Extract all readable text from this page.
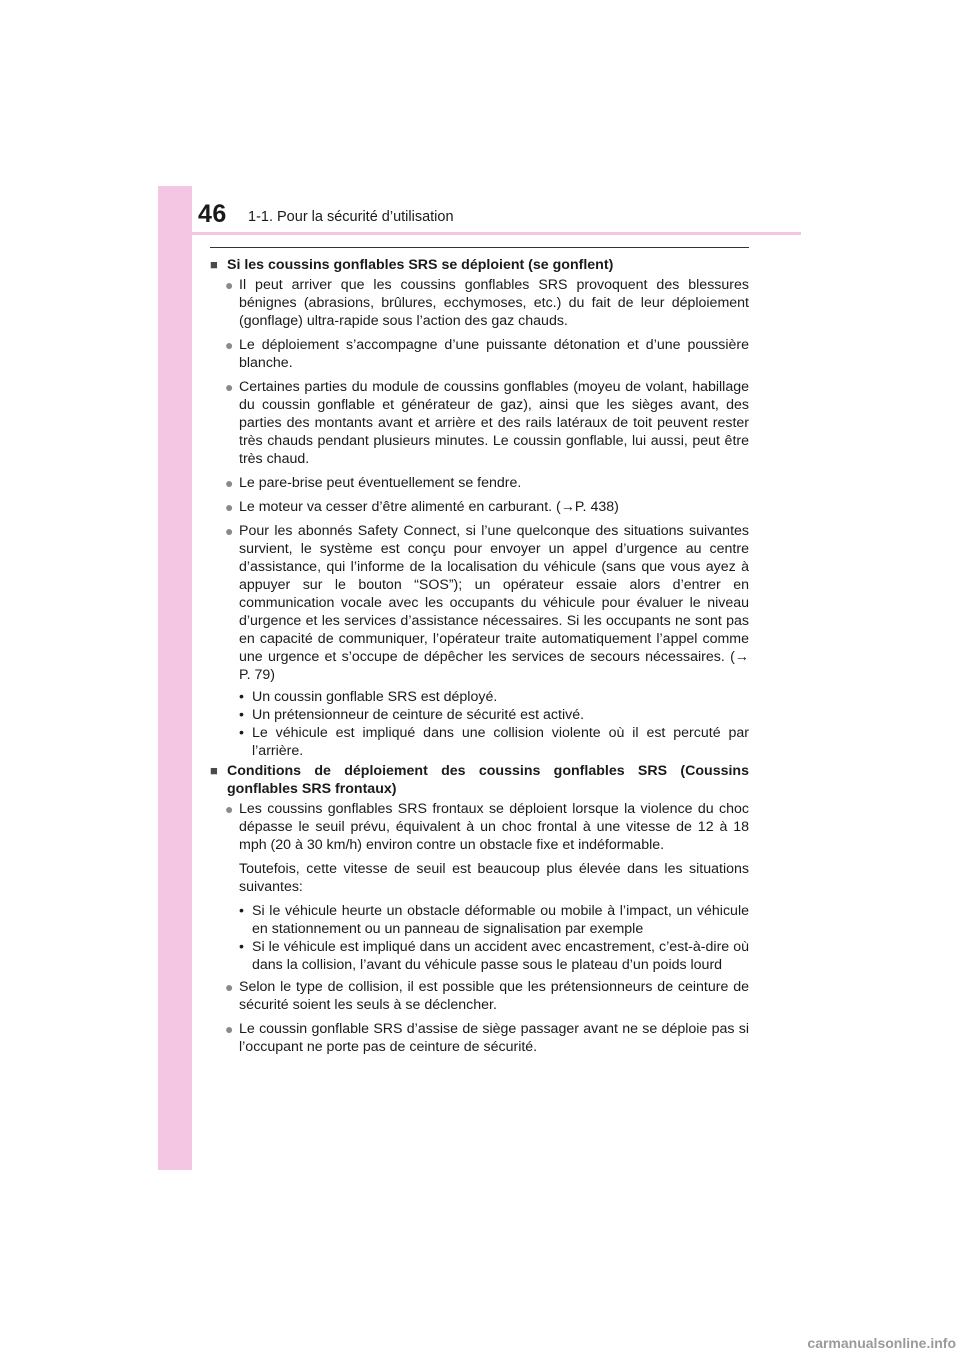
46 1-1. Pour la sécurité d’utilisation
■ Si les coussins gonflables SRS se déploient (se gonflent)
● Il peut arriver que les coussins gonflables SRS provoquent des blessures bénignes (abrasions, brûlures, ecchymoses, etc.) du fait de leur déploiement (gonflage) ultra-rapide sous l’action des gaz chauds.
● Le déploiement s’accompagne d’une puissante détonation et d’une poussière blanche.
● Certaines parties du module de coussins gonflables (moyeu de volant, habillage du coussin gonflable et générateur de gaz), ainsi que les sièges avant, des parties des montants avant et arrière et des rails latéraux de toit peuvent rester très chauds pendant plusieurs minutes. Le coussin gonflable, lui aussi, peut être très chaud.
● Le pare-brise peut éventuellement se fendre.
● Le moteur va cesser d’être alimenté en carburant. (→P. 438)
● Pour les abonnés Safety Connect, si l’une quelconque des situations suivantes survient, le système est conçu pour envoyer un appel d’urgence au centre d’assistance, qui l’informe de la localisation du véhicule (sans que vous ayez à appuyer sur le bouton “SOS”); un opérateur essaie alors d’entrer en communication vocale avec les occupants du véhicule pour évaluer le niveau d’urgence et les services d’assistance nécessaires. Si les occupants ne sont pas en capacité de communiquer, l’opérateur traite automatiquement l’appel comme une urgence et s’occupe de dépêcher les services de secours nécessaires. (→ P. 79)
• Un coussin gonflable SRS est déployé.
• Un prétensionneur de ceinture de sécurité est activé.
• Le véhicule est impliqué dans une collision violente où il est percuté par l’arrière.
■ Conditions de déploiement des coussins gonflables SRS (Coussins gonflables SRS frontaux)
● Les coussins gonflables SRS frontaux se déploient lorsque la violence du choc dépasse le seuil prévu, équivalent à un choc frontal à une vitesse de 12 à 18 mph (20 à 30 km/h) environ contre un obstacle fixe et indéformable.
Toutefois, cette vitesse de seuil est beaucoup plus élevée dans les situations suivantes:
• Si le véhicule heurte un obstacle déformable ou mobile à l’impact, un véhicule en stationnement ou un panneau de signalisation par exemple
• Si le véhicule est impliqué dans un accident avec encastrement, c’est-à-dire où dans la collision, l’avant du véhicule passe sous le plateau d’un poids lourd
● Selon le type de collision, il est possible que les prétensionneurs de ceinture de sécurité soient les seuls à se déclencher.
● Le coussin gonflable SRS d’assise de siège passager avant ne se déploie pas si l’occupant ne porte pas de ceinture de sécurité.
carmanualsonline.info
